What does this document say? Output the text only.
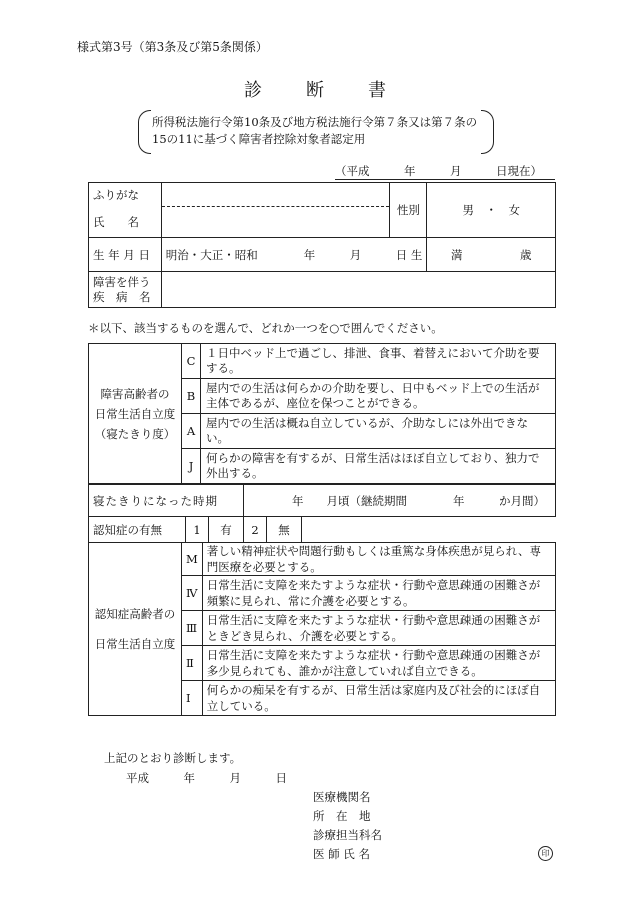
様式第3号（第3条及び第5条関係）
診 断 書
所得税法施行令第10条及び地方税法施行令第７条又は第７条の
15の11に基づく障害者控除対象者認定用
（平成　　　年　　　月　　　日現在）
ふりがな		性別	男　・　女
氏　　名			
生 年 月 日	明治・大正・昭和　　　　年　　　月　　　日 生		満　　　　　歳

障害を伴う
疾　病　名			

＊以下、該当するものを選んで、どれか一つを○で囲んでください。
障害高齢者の
日常生活自立度
（寝たきり度）	C	１日中ベッド上で過ごし、排泄、食事、着替えにおいて介助を要する。
	B	屋内での生活は何らかの介助を要し、日中もベッド上での生活が主体であるが、座位を保つことができる。
	A	屋内での生活は概ね自立しているが、介助なしには外出できない。
	J	何らかの障害を有するが、日常生活はほぼ自立しており、独力で外出する。
寝たきりになった時期	年　　月頃（継続期間　　　　年　　　か月間）
認知症の有無	1	有	2	無
認知症高齢者の
日常生活自立度	M	著しい精神症状や問題行動もしくは重篤な身体疾患が見られ、専門医療を必要とする。
	Ⅳ	日常生活に支障を来たすような症状・行動や意思疎通の困難さが頻繁に見られ、常に介護を必要とする。
	Ⅲ	日常生活に支障を来たすような症状・行動や意思疎通の困難さがときどき見られ、介護を必要とする。
	Ⅱ	日常生活に支障を来たすような症状・行動や意思疎通の困難さが多少見られても、誰かが注意していれば自立できる。
	Ⅰ	何らかの痴呆を有するが、日常生活は家庭内及び社会的にほぼ自立している。
上記のとおり診断します。
平成　　　年　　　月　　　日
医療機関名
所　在　地
診療担当科名
医 師 氏 名	印
